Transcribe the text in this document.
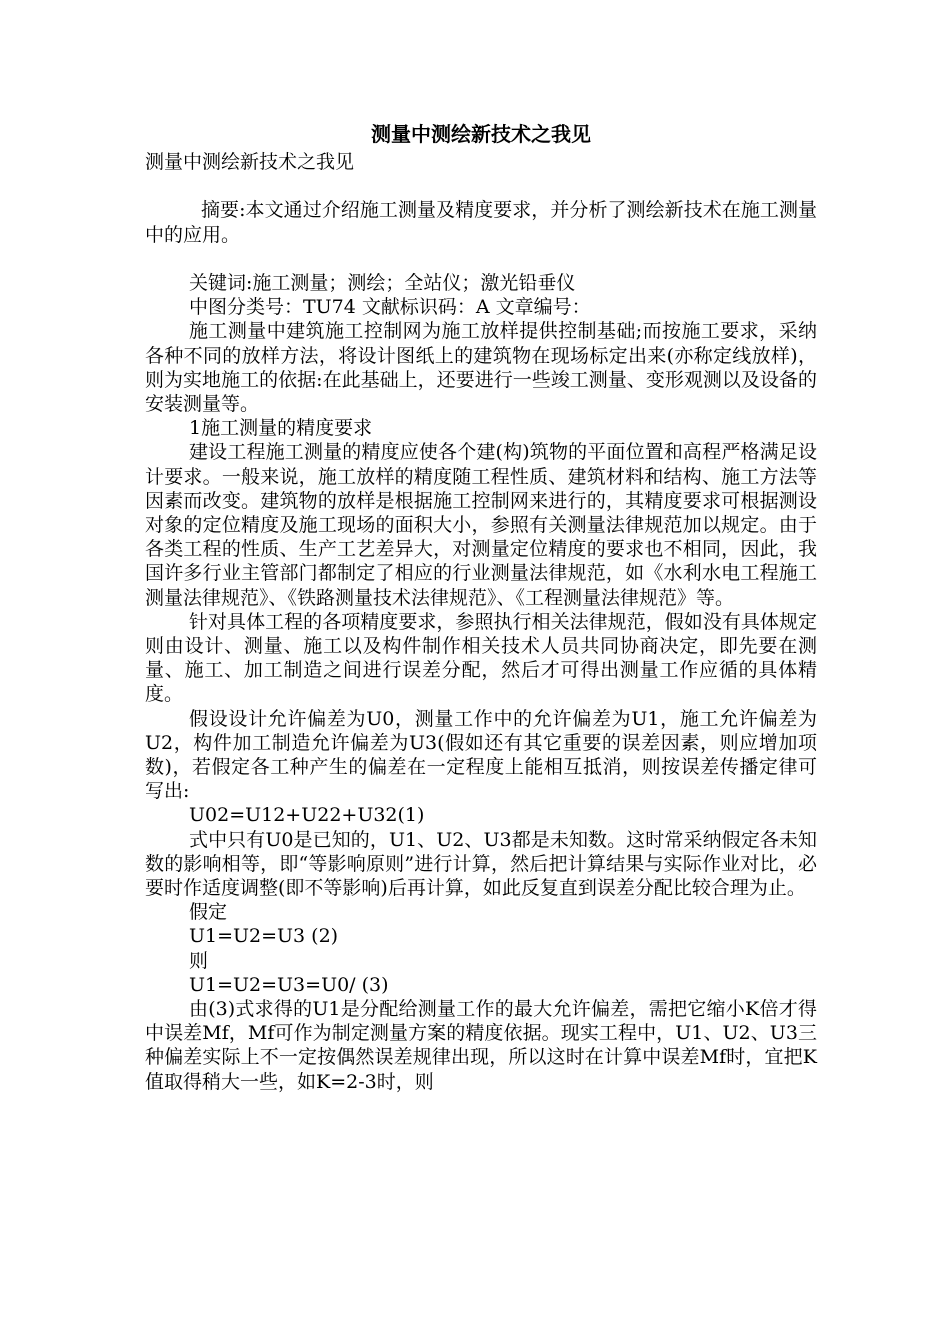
测量中测绘新技术之我见

测量中测绘新技术之我见

摘要:本文通过介绍施工测量及精度要求，并分析了测绘新技术在施工测量中的应用。

关键词:施工测量；测绘；全站仪；激光铅垂仪

中图分类号：TU74 文献标识码：A 文章编号：

施工测量中建筑施工控制网为施工放样提供控制基础;而按施工要求，采纳各种不同的放样方法，将设计图纸上的建筑物在现场标定出来(亦称定线放样)，则为实地施工的依据:在此基础上，还要进行一些竣工测量、变形观测以及设备的安装测量等。

1施工测量的精度要求

建设工程施工测量的精度应使各个建(构)筑物的平面位置和高程严格满足设计要求。一般来说，施工放样的精度随工程性质、建筑材料和结构、施工方法等因素而改变。建筑物的放样是根据施工控制网来进行的，其精度要求可根据测设对象的定位精度及施工现场的面积大小，参照有关测量法律规范加以规定。由于各类工程的性质、生产工艺差异大，对测量定位精度的要求也不相同，因此，我国许多行业主管部门都制定了相应的行业测量法律规范，如《水利水电工程施工测量法律规范》、《铁路测量技术法律规范》、《工程测量法律规范》等。

针对具体工程的各项精度要求，参照执行相关法律规范，假如没有具体规定则由设计、测量、施工以及构件制作相关技术人员共同协商决定，即先要在测量、施工、加工制造之间进行误差分配，然后才可得出测量工作应循的具体精度。

假设设计允许偏差为U0，测量工作中的允许偏差为U1，施工允许偏差为U2，构件加工制造允许偏差为U3(假如还有其它重要的误差因素，则应增加项数)，若假定各工种产生的偏差在一定程度上能相互抵消，则按误差传播定律可写出:

U02=U12+U22+U32(1)

式中只有U0是已知的，U1、U2、U3都是未知数。这时常采纳假定各未知数的影响相等，即“等影响原则”进行计算，然后把计算结果与实际作业对比，必要时作适度调整(即不等影响)后再计算，如此反复直到误差分配比较合理为止。

假定

U1=U2=U3 (2)

则

U1=U2=U3=U0/ (3)

由(3)式求得的U1是分配给测量工作的最大允许偏差，需把它缩小K倍才得中误差Mf，Mf可作为制定测量方案的精度依据。现实工程中，U1、U2、U3三种偏差实际上不一定按偶然误差规律出现，所以这时在计算中误差Mf时，宜把K值取得稍大一些，如K=2-3时，则
